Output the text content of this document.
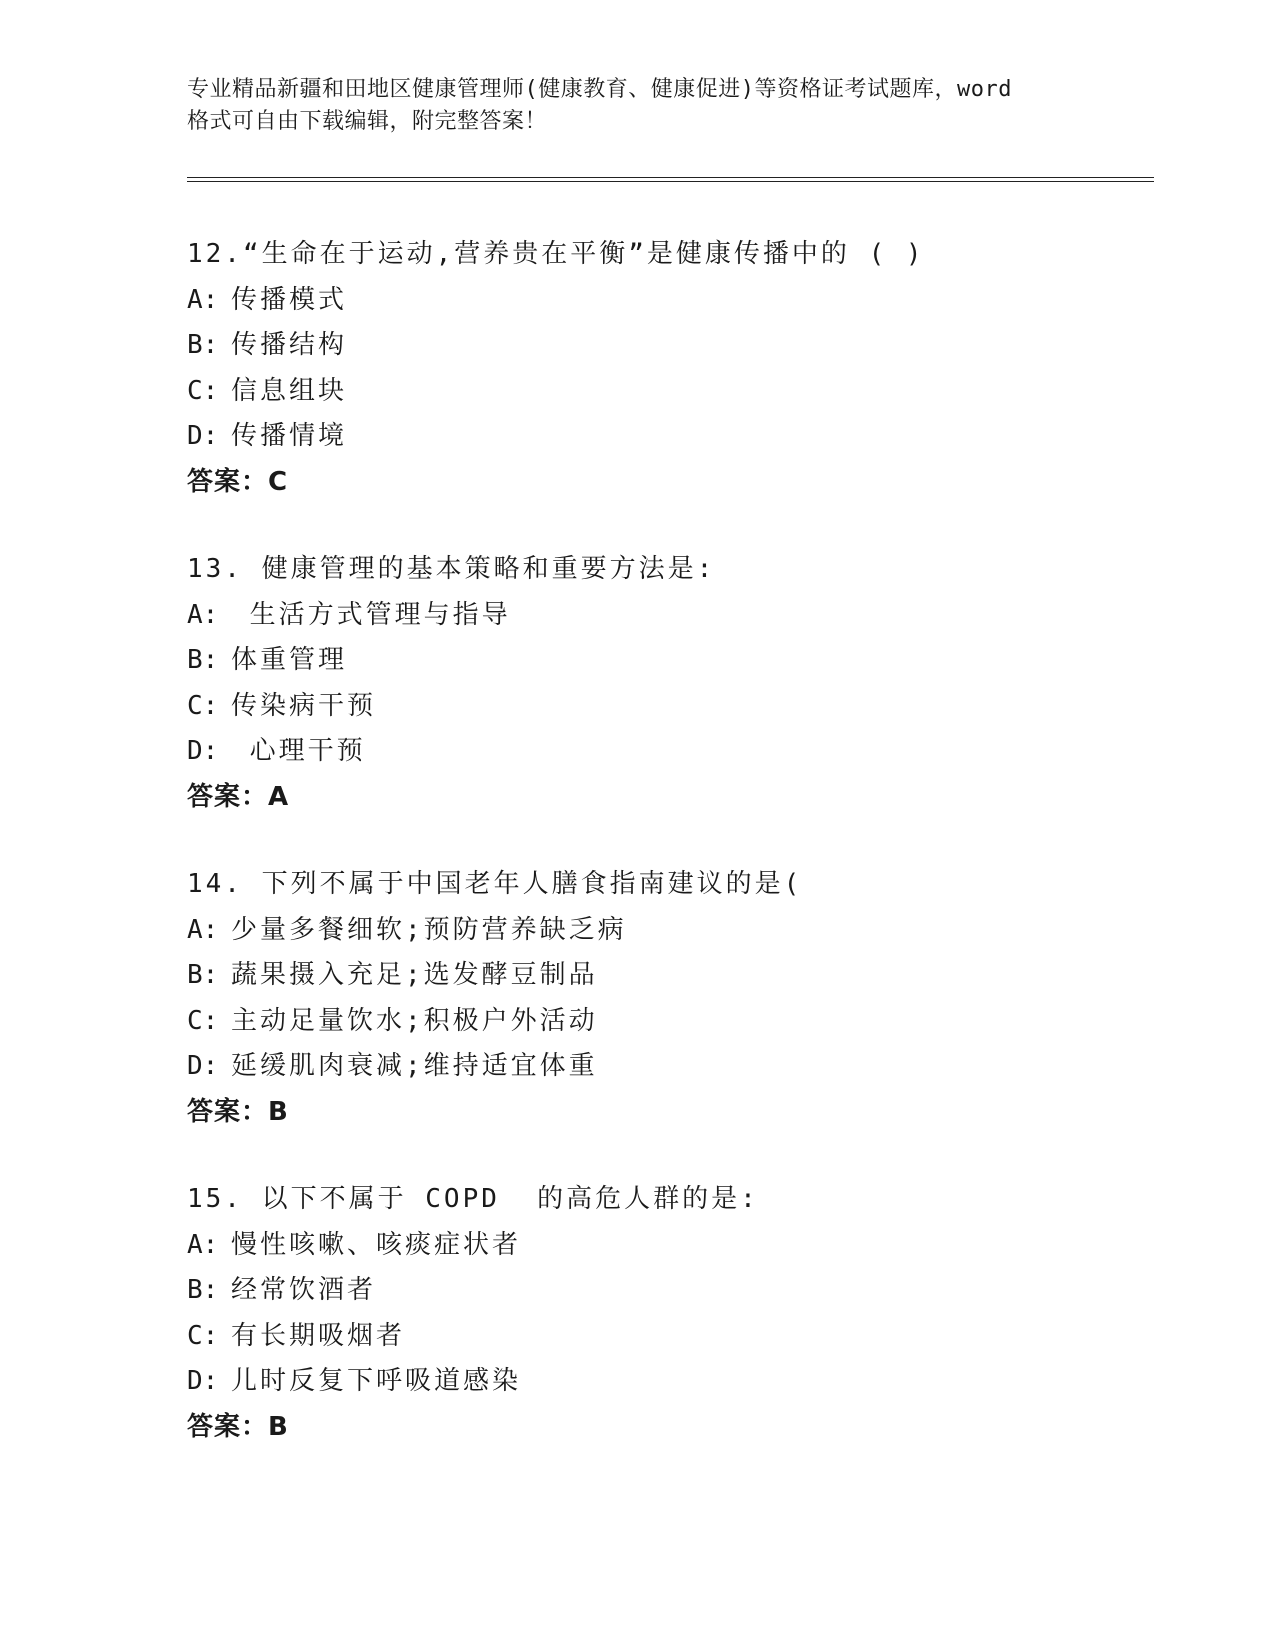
专业精品新疆和田地区健康管理师(健康教育、健康促进)等资格证考试题库，word
格式可自由下载编辑，附完整答案！
12.“生命在于运动,营养贵在平衡”是健康传播中的 ( )
A: 传播模式
B: 传播结构
C: 信息组块
D: 传播情境
答案：C
13. 健康管理的基本策略和重要方法是:
A: 生活方式管理与指导
B: 体重管理
C: 传染病干预
D: 心理干预
答案：A
14. 下列不属于中国老年人膳食指南建议的是(
A: 少量多餐细软;预防营养缺乏病
B: 蔬果摄入充足;选发酵豆制品
C: 主动足量饮水;积极户外活动
D: 延缓肌肉衰减;维持适宜体重
答案：B
15. 以下不属于 COPD  的高危人群的是:
A: 慢性咳嗽、咳痰症状者
B: 经常饮酒者
C: 有长期吸烟者
D: 儿时反复下呼吸道感染
答案：B
